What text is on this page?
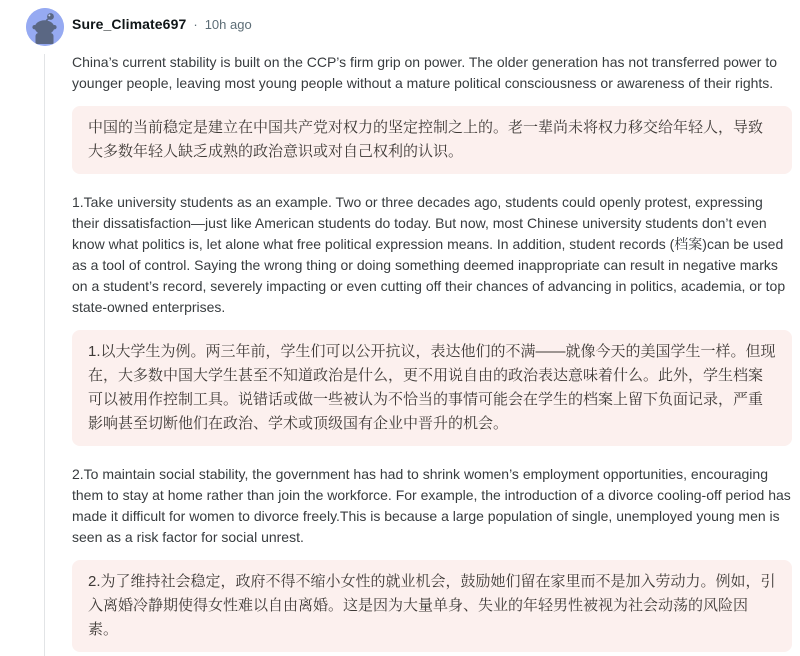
Sure_Climate697 · 10h ago

China’s current stability is built on the CCP’s firm grip on power. The older generation has not transferred power to younger people, leaving most young people without a mature political consciousness or awareness of their rights.

中国的当前稳定是建立在中国共产党对权力的坚定控制之上的。老一辈尚未将权力移交给年轻人，导致大多数年轻人缺乏成熟的政治意识或对自己权利的认识。

1.Take university students as an example. Two or three decades ago, students could openly protest, expressing their dissatisfaction—just like American students do today. But now, most Chinese university students don’t even know what politics is, let alone what free political expression means. In addition, student records (档案)can be used as a tool of control. Saying the wrong thing or doing something deemed inappropriate can result in negative marks on a student’s record, severely impacting or even cutting off their chances of advancing in politics, academia, or top state-owned enterprises.

1.以大学生为例。两三年前，学生们可以公开抗议，表达他们的不满——就像今天的美国学生一样。但现在，大多数中国大学生甚至不知道政治是什么，更不用说自由的政治表达意味着什么。此外，学生档案可以被用作控制工具。说错话或做一些被认为不恰当的事情可能会在学生的档案上留下负面记录，严重影响甚至切断他们在政治、学术或顶级国有企业中晋升的机会。

2.To maintain social stability, the government has had to shrink women’s employment opportunities, encouraging them to stay at home rather than join the workforce. For example, the introduction of a divorce cooling-off period has made it difficult for women to divorce freely.This is because a large population of single, unemployed young men is seen as a risk factor for social unrest.

2.为了维持社会稳定，政府不得不缩小女性的就业机会，鼓励她们留在家里而不是加入劳动力。例如，引入离婚冷静期使得女性难以自由离婚。这是因为大量单身、失业的年轻男性被视为社会动荡的风险因素。
